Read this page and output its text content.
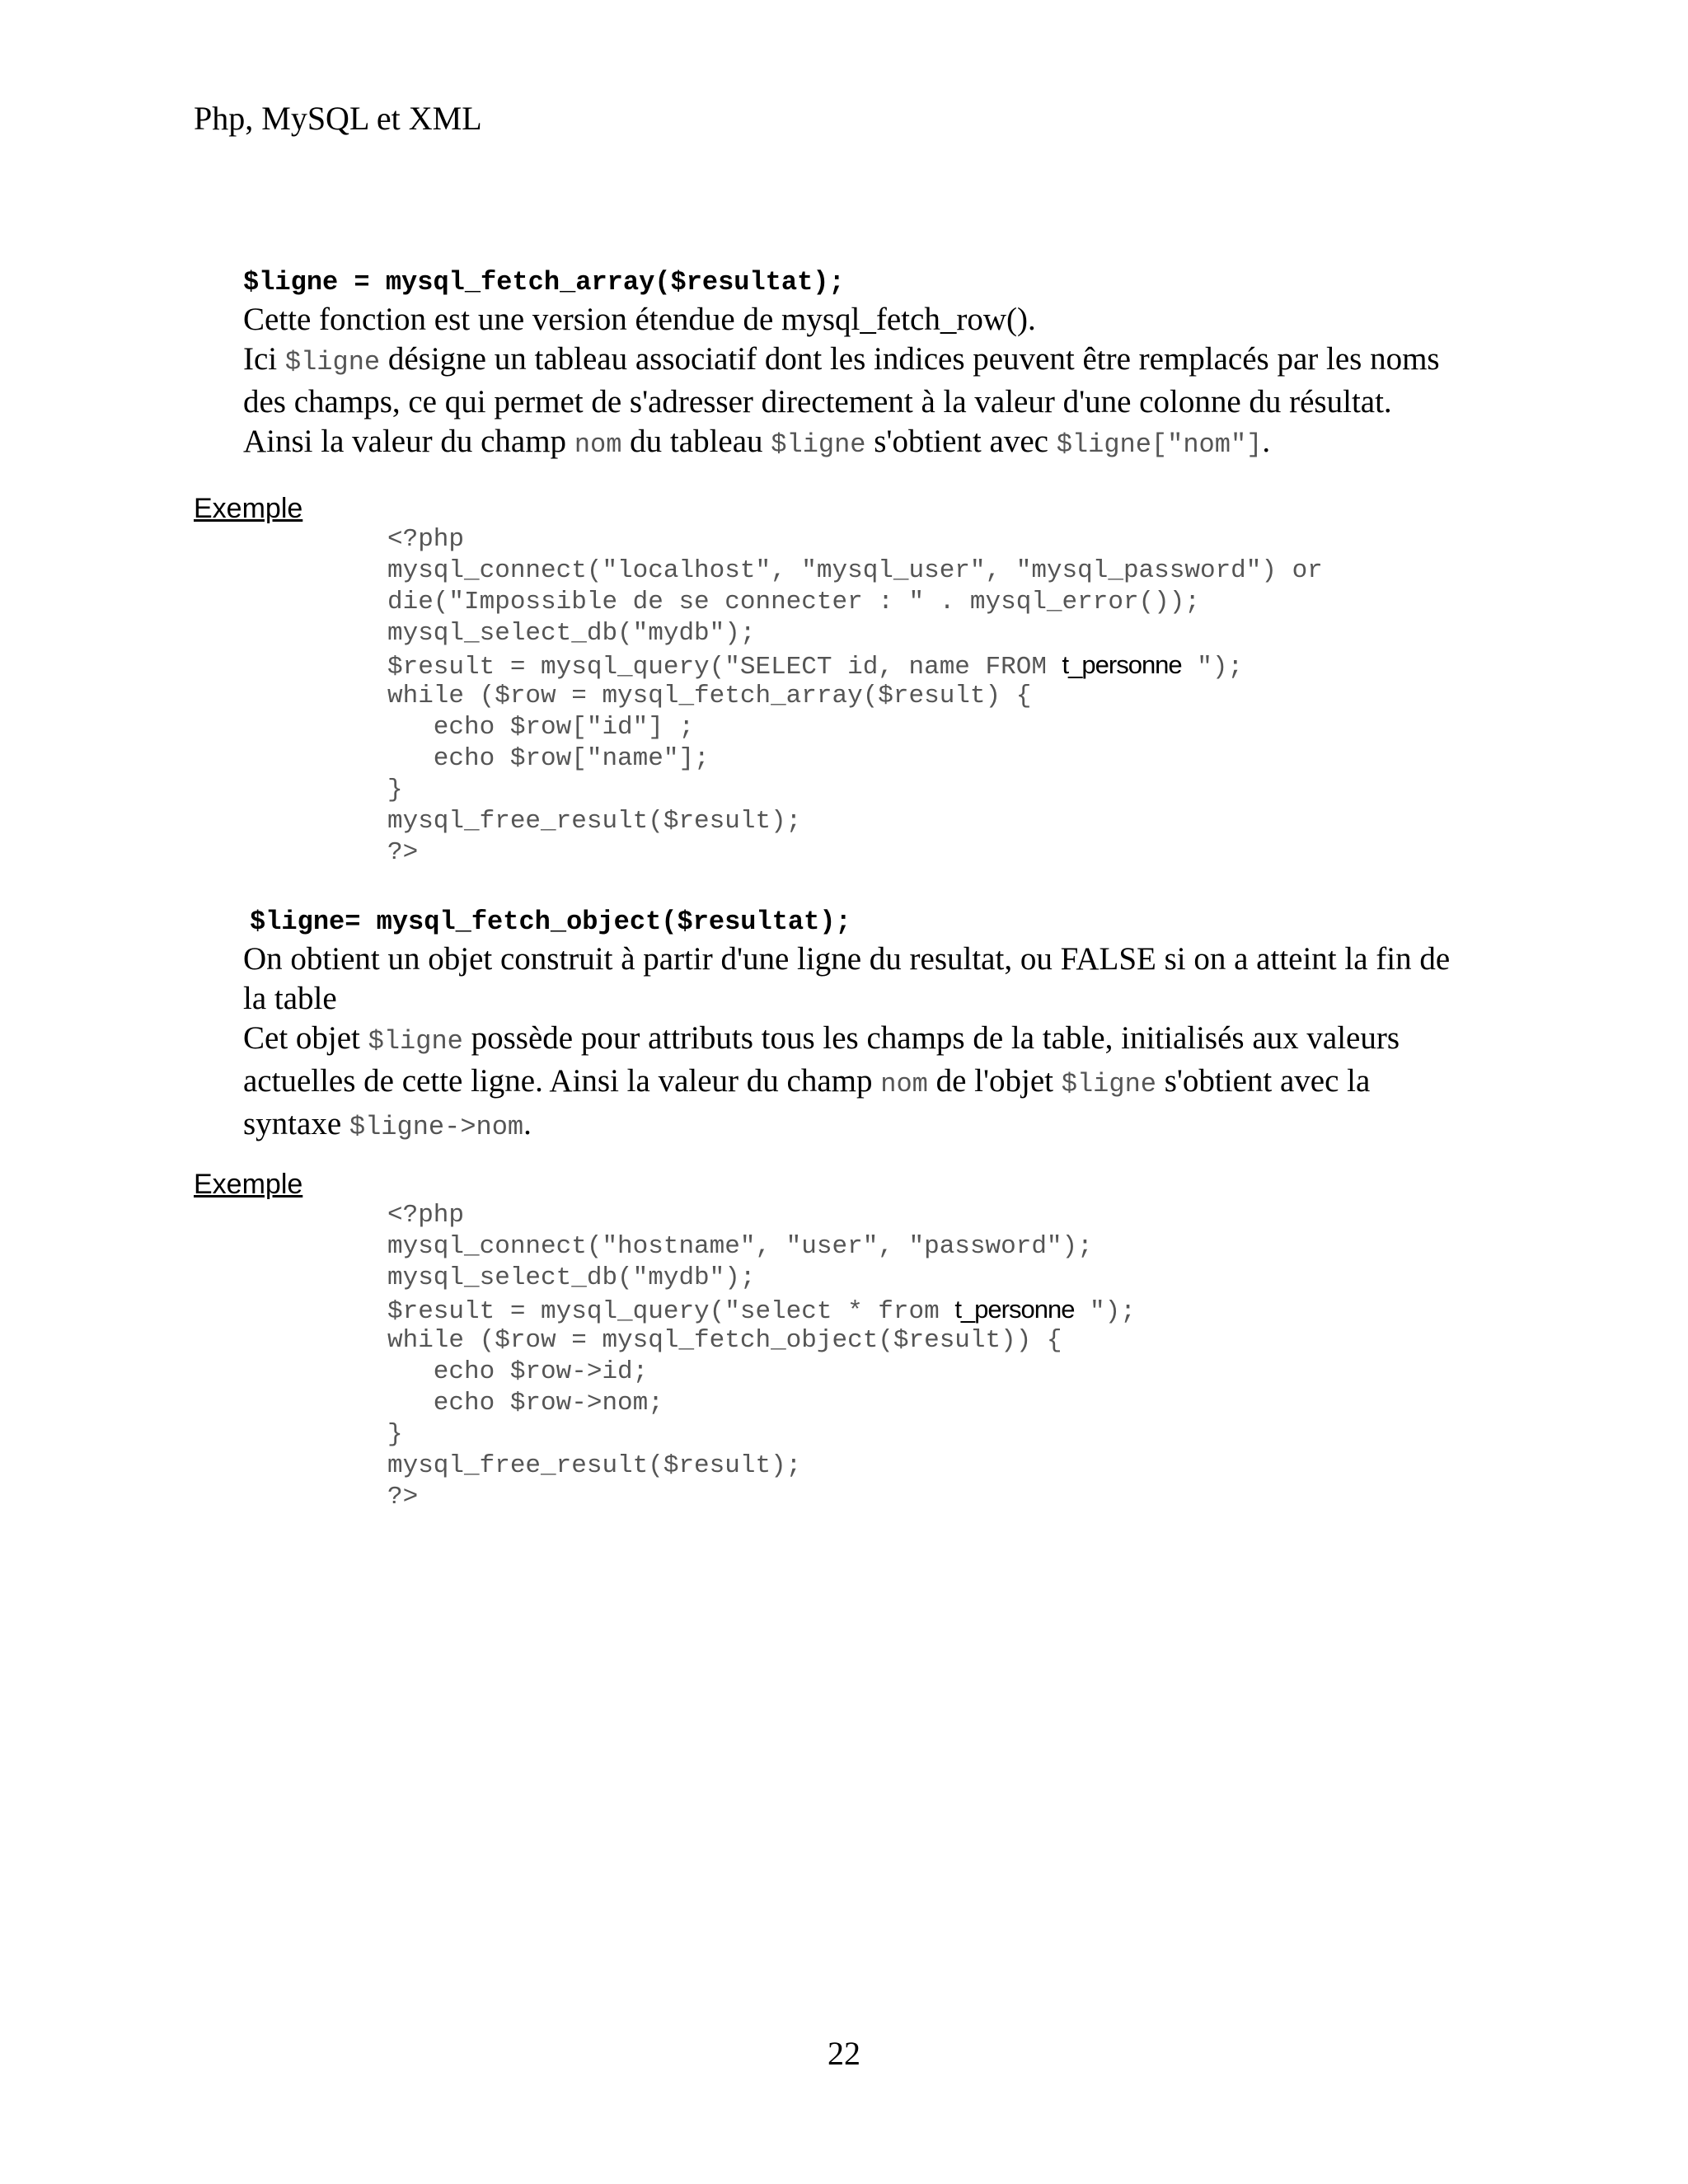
Php, MySQL et XML
$ligne = mysql_fetch_array($resultat);
Cette fonction est une version étendue de mysql_fetch_row().
Ici $ligne désigne un tableau associatif dont les indices peuvent être remplacés par les noms
des champs, ce qui permet de s'adresser directement à la valeur d'une colonne du résultat.
Ainsi la valeur du champ nom du tableau $ligne s'obtient avec $ligne["nom"].
Exemple
<?php
mysql_connect("localhost", "mysql_user", "mysql_password") or
die("Impossible de se connecter : " . mysql_error());
mysql_select_db("mydb");
$result = mysql_query("SELECT id, name FROM t_personne ");
while ($row = mysql_fetch_array($result) {
echo $row["id"] ;
echo $row["name"];
}
mysql_free_result($result);
?>
$ligne= mysql_fetch_object($resultat);
On obtient un objet construit à partir d'une ligne du resultat, ou FALSE si on a atteint la fin de
la table
Cet objet $ligne possède pour attributs tous les champs de la table, initialisés aux valeurs
actuelles de cette ligne. Ainsi la valeur du champ nom de l'objet $ligne s'obtient avec la
syntaxe $ligne->nom.
Exemple
<?php
mysql_connect("hostname", "user", "password");
mysql_select_db("mydb");
$result = mysql_query("select * from t_personne ");
while ($row = mysql_fetch_object($result)) {
echo $row->id;
echo $row->nom;
}
mysql_free_result($result);
?>
22
